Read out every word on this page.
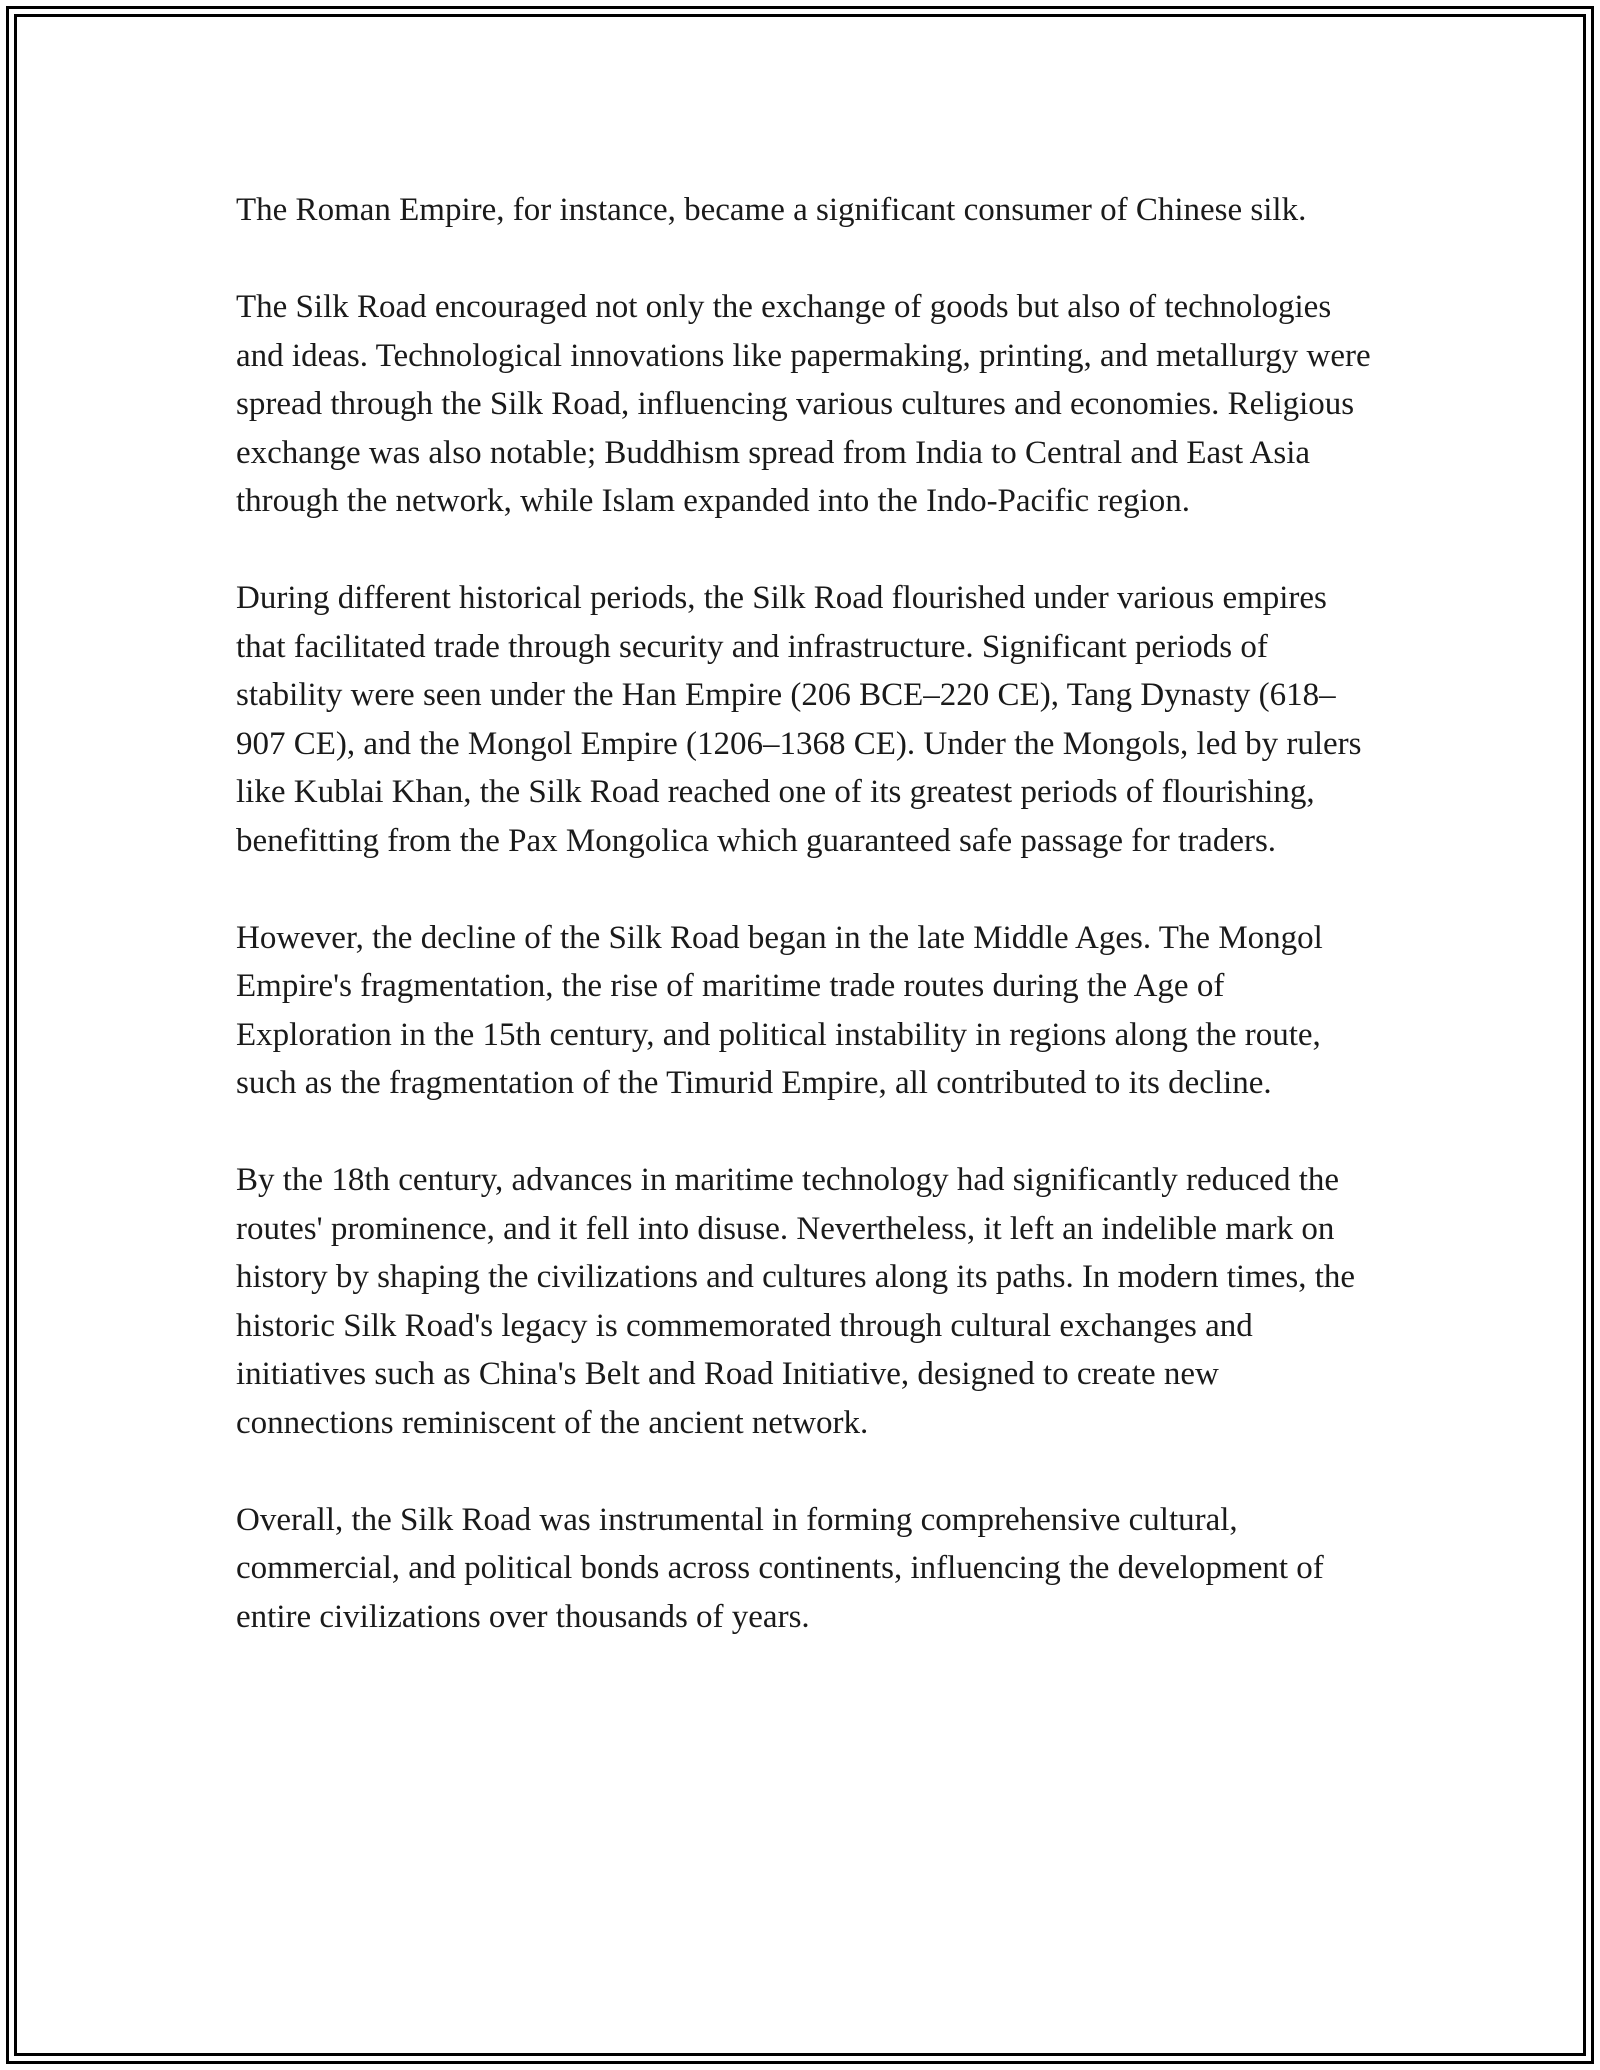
The Roman Empire, for instance, became a significant consumer of Chinese silk.

The Silk Road encouraged not only the exchange of goods but also of technologies and ideas. Technological innovations like papermaking, printing, and metallurgy were spread through the Silk Road, influencing various cultures and economies. Religious exchange was also notable; Buddhism spread from India to Central and East Asia through the network, while Islam expanded into the Indo-Pacific region.

During different historical periods, the Silk Road flourished under various empires that facilitated trade through security and infrastructure. Significant periods of stability were seen under the Han Empire (206 BCE–220 CE), Tang Dynasty (618–907 CE), and the Mongol Empire (1206–1368 CE). Under the Mongols, led by rulers like Kublai Khan, the Silk Road reached one of its greatest periods of flourishing, benefitting from the Pax Mongolica which guaranteed safe passage for traders.

However, the decline of the Silk Road began in the late Middle Ages. The Mongol Empire's fragmentation, the rise of maritime trade routes during the Age of Exploration in the 15th century, and political instability in regions along the route, such as the fragmentation of the Timurid Empire, all contributed to its decline.

By the 18th century, advances in maritime technology had significantly reduced the routes' prominence, and it fell into disuse. Nevertheless, it left an indelible mark on history by shaping the civilizations and cultures along its paths. In modern times, the historic Silk Road's legacy is commemorated through cultural exchanges and initiatives such as China's Belt and Road Initiative, designed to create new connections reminiscent of the ancient network.

Overall, the Silk Road was instrumental in forming comprehensive cultural, commercial, and political bonds across continents, influencing the development of entire civilizations over thousands of years.
